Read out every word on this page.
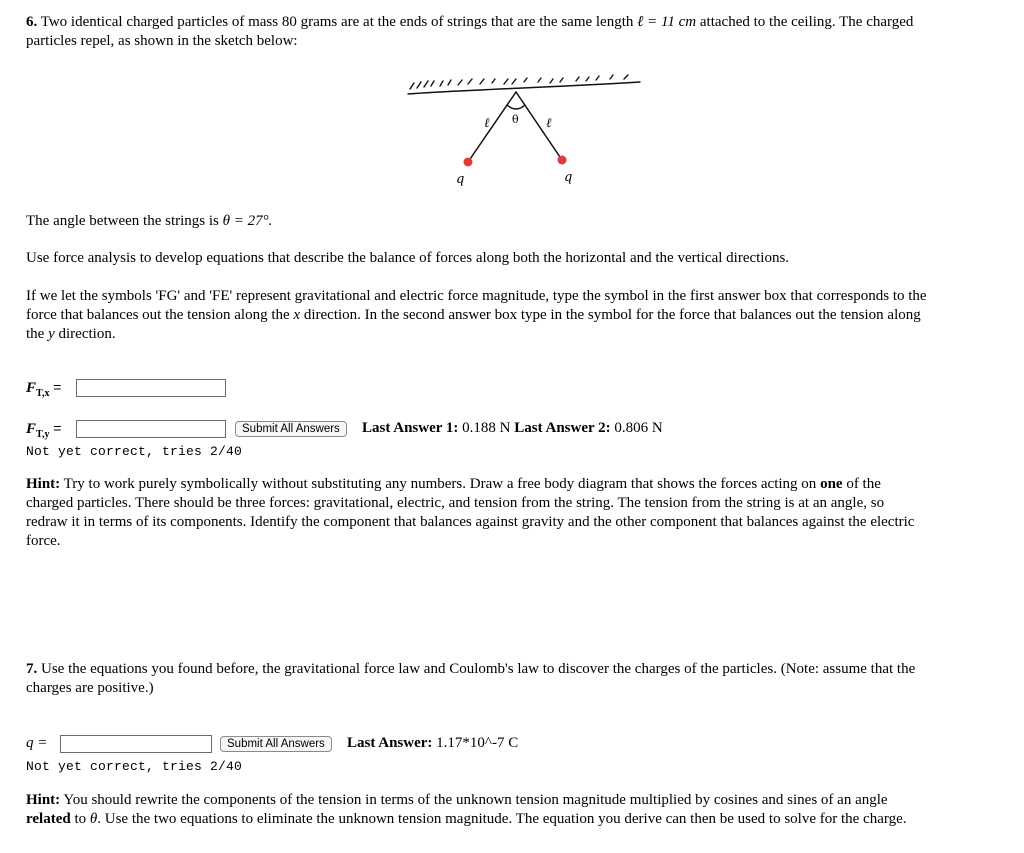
6. Two identical charged particles of mass 80 grams are at the ends of strings that are the same length ℓ = 11 cm attached to the ceiling. The charged
particles repel, as shown in the sketch below:
ℓ θ ℓ
q	q
The angle between the strings is θ = 27°.
Use force analysis to develop equations that describe the balance of forces along both the horizontal and the vertical directions.
If we let the symbols 'FG' and 'FE' represent gravitational and electric force magnitude, type the symbol in the first answer box that corresponds to the
force that balances out the tension along the x direction. In the second answer box type in the symbol for the force that balances out the tension along
the y direction.
$F_{T,x}$ =
$F_{T,y}$ =	Submit All Answers	Last Answer 1: 0.188 N Last Answer 2: 0.806 N
Not yet correct, tries 2/40
Hint: Try to work purely symbolically without substituting any numbers. Draw a free body diagram that shows the forces acting on one of the
charged particles. There should be three forces: gravitational, electric, and tension from the string. The tension from the string is at an angle, so
redraw it in terms of its components. Identify the component that balances against gravity and the other component that balances against the electric
force.
7. Use the equations you found before, the gravitational force law and Coulomb's law to discover the charges of the particles. (Note: assume that the
charges are positive.)
q =	Submit All Answers	Last Answer: 1.17*10^-7 C
Not yet correct, tries 2/40
Hint: You should rewrite the components of the tension in terms of the unknown tension magnitude multiplied by cosines and sines of an angle
related to θ. Use the two equations to eliminate the unknown tension magnitude. The equation you derive can then be used to solve for the charge.
